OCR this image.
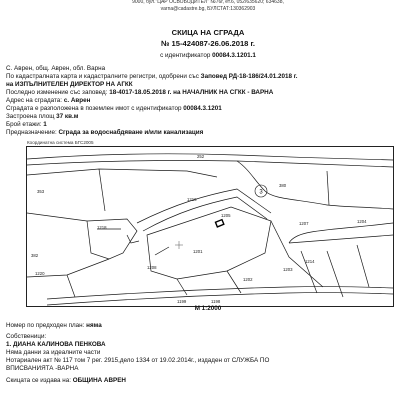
9000, бул."ЦАР ОСВОБОДИТЕЛ" №76г, ет.6, 052/635620; 634638,
varna@cadastre.bg, БУЛСТАТ:130362903
СКИЦА НА СГРАДА
№ 15-424087-26.06.2018 г.
с идентификатор 00084.3.1201.1
С. Аврен, общ. Аврен, обл. Варна
По кадастралната карта и кадастралните регистри, одобрени със Заповед РД-18-186/24.01.2018 г.
на ИЗПЪЛНИТЕЛЕН ДИРЕКТОР НА АГКК
Последно изменение със заповед: 18-4017-18.05.2018 г. на НАЧАЛНИК НА СГКК - ВАРНА
Адрес на сградата: с. Аврен
Сградата е разположена в поземлен имот с идентификатор 00084.3.1201
Застроена площ 37 кв.м
Брой етажи: 1
Предназначение: Сграда за водоснабдяване и/или канализация
Координатна система БГС2005
3
252
380
353
1216
1205
1218
1207	1204
382
1201
1214
1220
1208	1203
1202
1199	1198
М 1:2000
Номер по предходен план: няма
Собственици:
1. ДИАНА КАЛИНОВА ПЕНКОВА
Няма данни за идеалните части
Нотариален акт № 117 том 7 рег. 2915,дело 1334 от 19.02.2014г., издаден от СЛУЖБА ПО
ВПИСВАНИЯТА -ВАРНА
Скицата се издава на: ОБЩИНА АВРЕН
